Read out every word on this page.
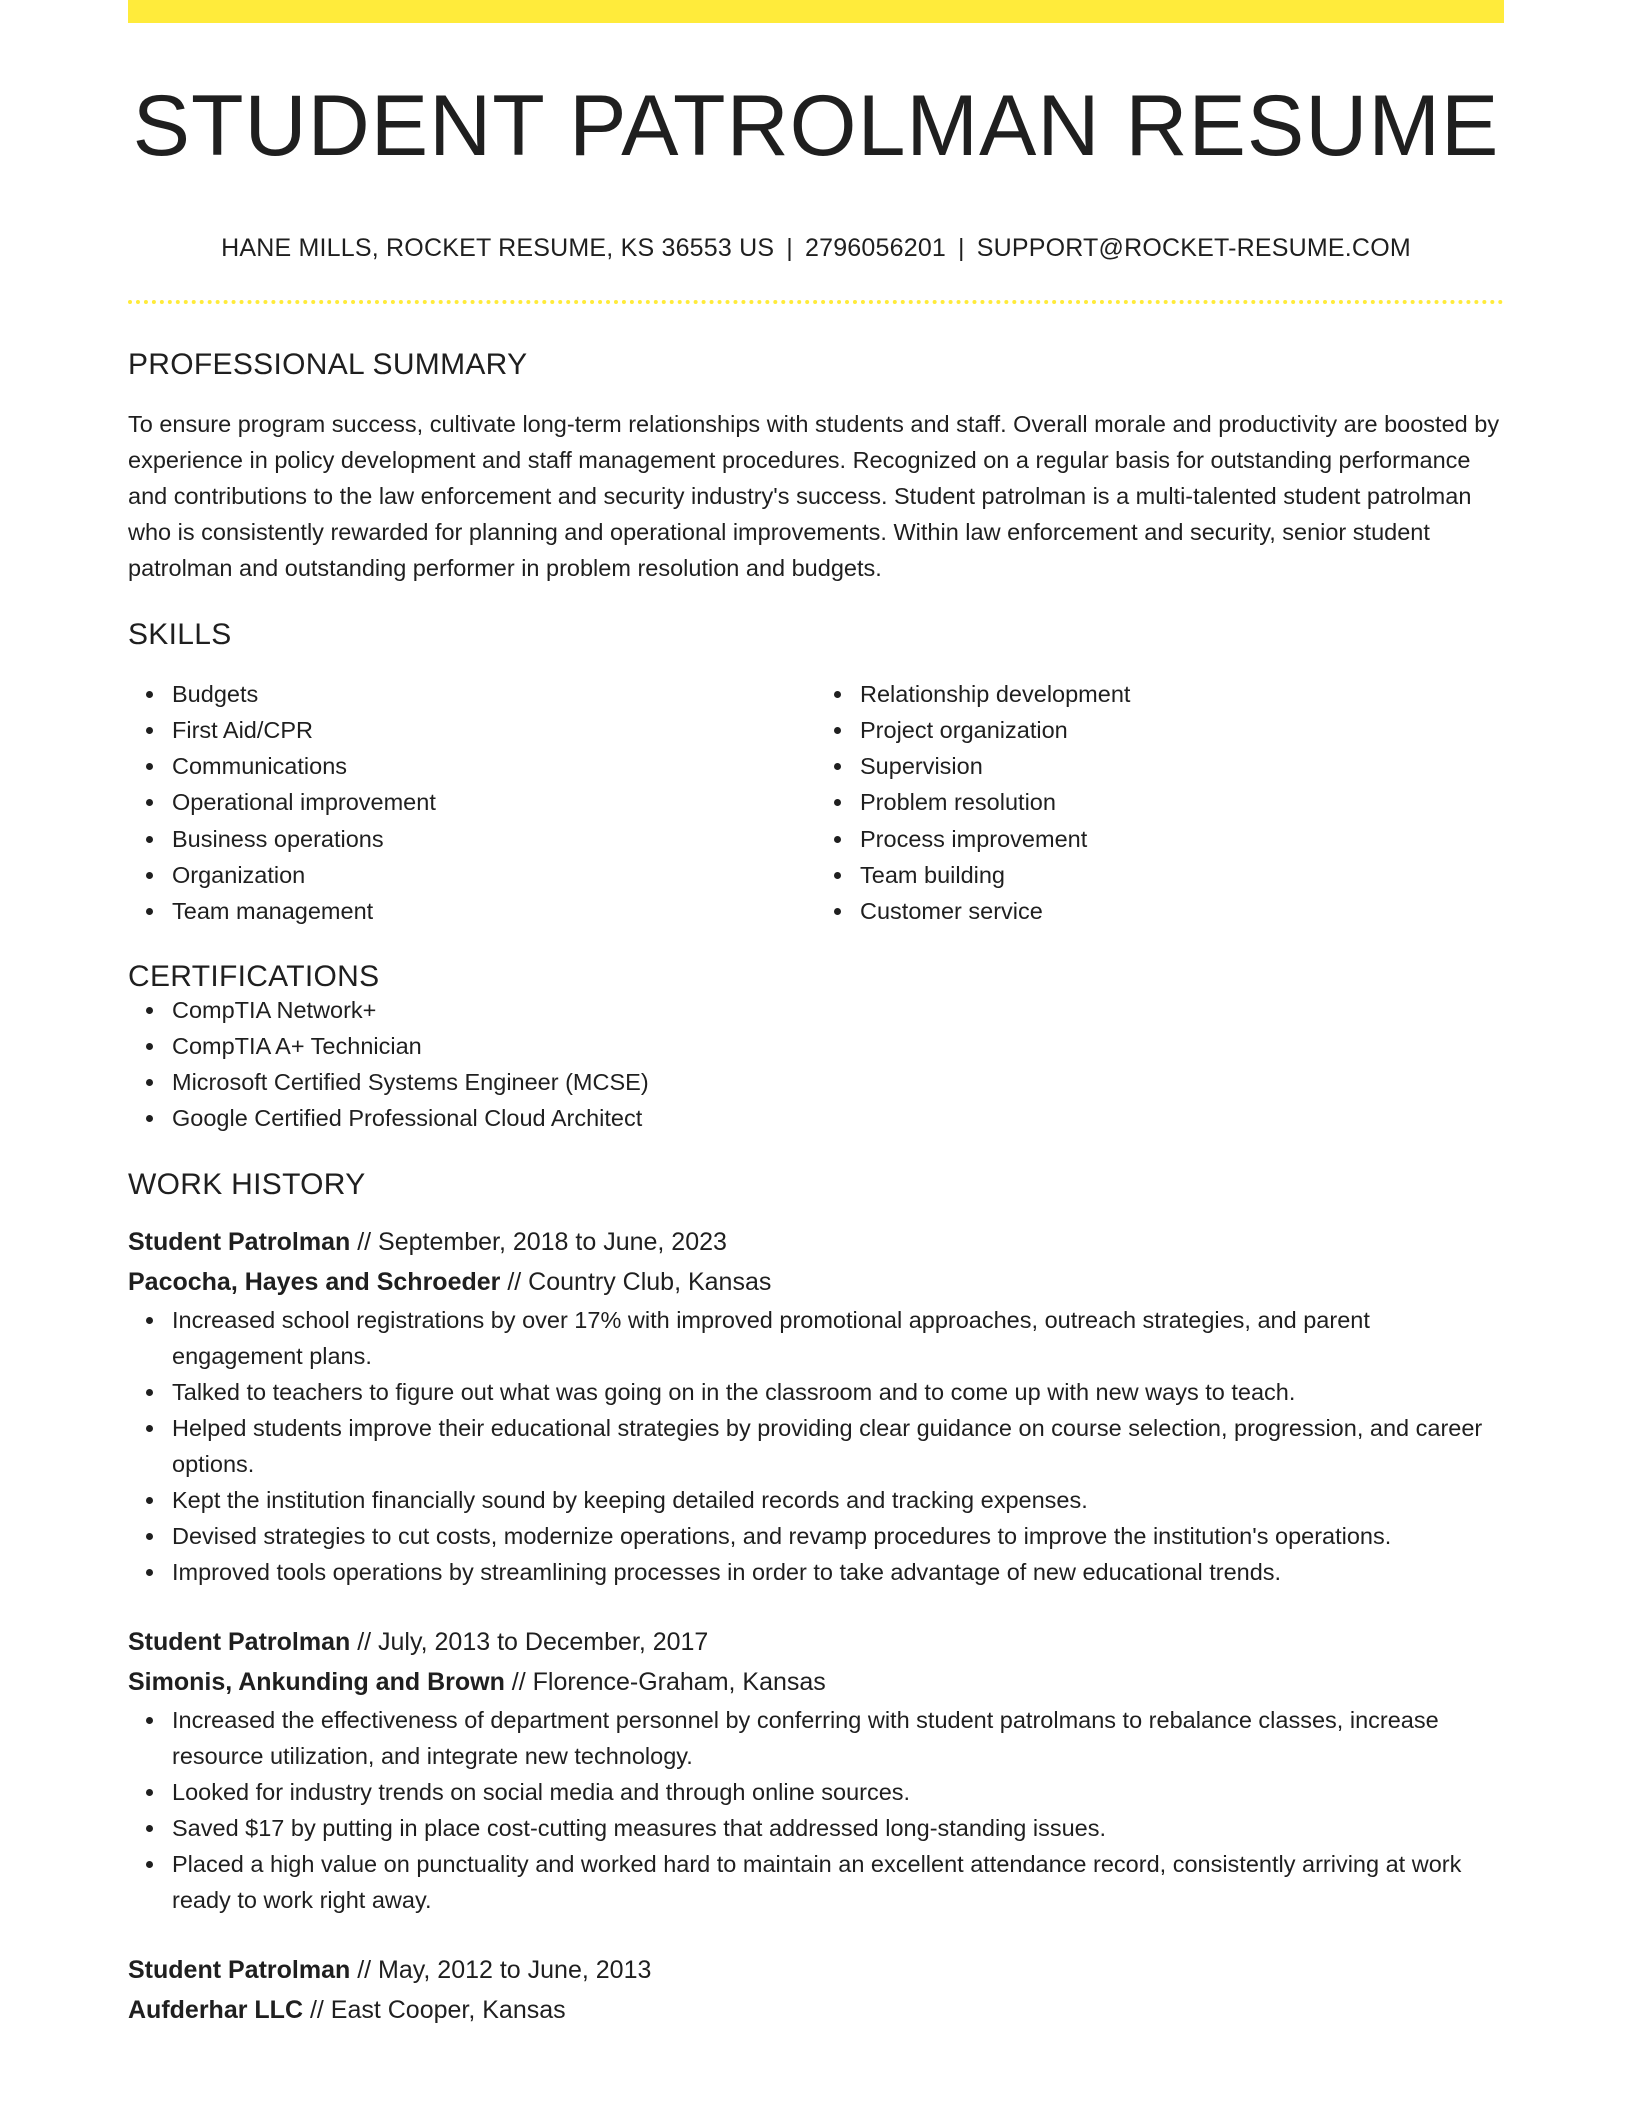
STUDENT PATROLMAN RESUME
HANE MILLS, ROCKET RESUME, KS 36553 US | 2796056201 | SUPPORT@ROCKET-RESUME.COM
PROFESSIONAL SUMMARY

To ensure program success, cultivate long-term relationships with students and staff. Overall morale and productivity are boosted by experience in policy development and staff management procedures. Recognized on a regular basis for outstanding performance and contributions to the law enforcement and security industry's success. Student patrolman is a multi-talented student patrolman who is consistently rewarded for planning and operational improvements. Within law enforcement and security, senior student patrolman and outstanding performer in problem resolution and budgets.

SKILLS
Budgets
First Aid/CPR
Communications
Operational improvement
Business operations
Organization
Team management
Relationship development
Project organization
Supervision
Problem resolution
Process improvement
Team building
Customer service
CERTIFICATIONS
CompTIA Network+
CompTIA A+ Technician
Microsoft Certified Systems Engineer (MCSE)
Google Certified Professional Cloud Architect
WORK HISTORY
Student Patrolman // September, 2018 to June, 2023
Pacocha, Hayes and Schroeder // Country Club, Kansas
Increased school registrations by over 17% with improved promotional approaches, outreach strategies, and parent engagement plans.
Talked to teachers to figure out what was going on in the classroom and to come up with new ways to teach.
Helped students improve their educational strategies by providing clear guidance on course selection, progression, and career options.
Kept the institution financially sound by keeping detailed records and tracking expenses.
Devised strategies to cut costs, modernize operations, and revamp procedures to improve the institution's operations.
Improved tools operations by streamlining processes in order to take advantage of new educational trends.
Student Patrolman // July, 2013 to December, 2017
Simonis, Ankunding and Brown // Florence-Graham, Kansas
Increased the effectiveness of department personnel by conferring with student patrolmans to rebalance classes, increase resource utilization, and integrate new technology.
Looked for industry trends on social media and through online sources.
Saved $17 by putting in place cost-cutting measures that addressed long-standing issues.
Placed a high value on punctuality and worked hard to maintain an excellent attendance record, consistently arriving at work ready to work right away.
Student Patrolman // May, 2012 to June, 2013
Aufderhar LLC // East Cooper, Kansas
